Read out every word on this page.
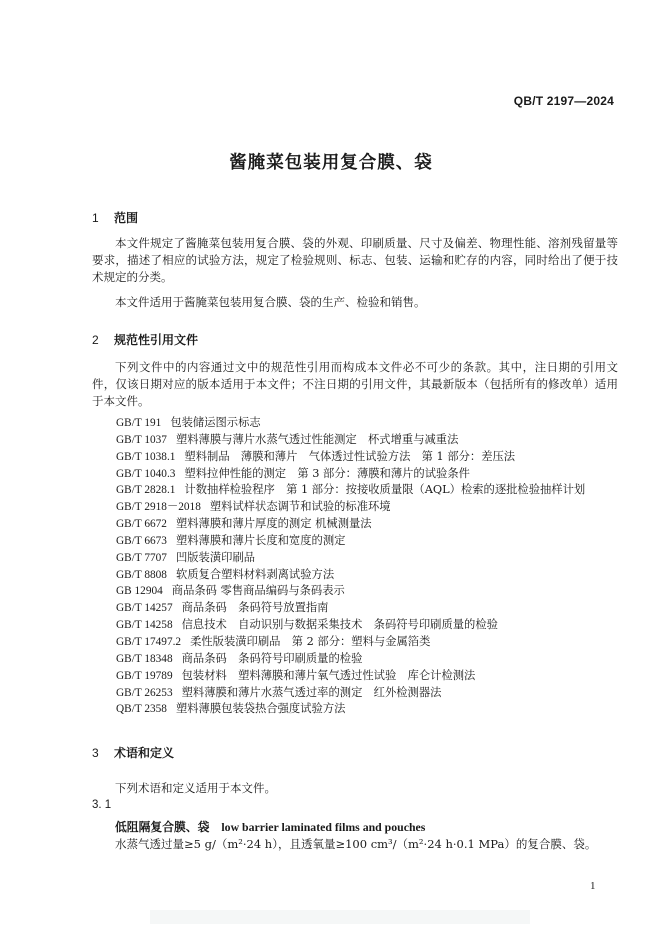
QB/T 2197—2024
酱腌菜包装用复合膜、袋
1 范围

本文件规定了酱腌菜包装用复合膜、袋的外观、印刷质量、尺寸及偏差、物理性能、溶剂残留量等要求，描述了相应的试验方法，规定了检验规则、标志、包装、运输和贮存的内容，同时给出了便于技术规定的分类。

本文件适用于酱腌菜包装用复合膜、袋的生产、检验和销售。

2 规范性引用文件

下列文件中的内容通过文中的规范性引用而构成本文件必不可少的条款。其中，注日期的引用文件，仅该日期对应的版本适用于本文件；不注日期的引用文件，其最新版本（包括所有的修改单）适用于本文件。

GB/T 191 包装储运图示标志
GB/T 1037 塑料薄膜与薄片水蒸气透过性能测定　杯式增重与减重法
GB/T 1038.1 塑料制品　薄膜和薄片　气体透过性试验方法　第 1 部分：差压法
GB/T 1040.3 塑料拉伸性能的测定　第 3 部分：薄膜和薄片的试验条件
GB/T 2828.1 计数抽样检验程序　第 1 部分：按接收质量限（AQL）检索的逐批检验抽样计划
GB/T 2918－2018 塑料试样状态调节和试验的标准环境
GB/T 6672 塑料薄膜和薄片厚度的测定 机械测量法
GB/T 6673 塑料薄膜和薄片长度和宽度的测定
GB/T 7707 凹版装潢印刷品
GB/T 8808 软质复合塑料材料剥离试验方法
GB 12904 商品条码 零售商品编码与条码表示
GB/T 14257 商品条码　条码符号放置指南
GB/T 14258 信息技术　自动识别与数据采集技术　条码符号印刷质量的检验
GB/T 17497.2 柔性版装潢印刷品　第 2 部分：塑料与金属箔类
GB/T 18348 商品条码　条码符号印刷质量的检验
GB/T 19789 包装材料　塑料薄膜和薄片氧气透过性试验　库仑计检测法
GB/T 26253 塑料薄膜和薄片水蒸气透过率的测定　红外检测器法
QB/T 2358 塑料薄膜包装袋热合强度试验方法
3 术语和定义

下列术语和定义适用于本文件。

3. 1
低阻隔复合膜、袋 low barrier laminated films and pouches
水蒸气透过量≥5 g/（m²·24 h），且透氧量≥100 cm³/（m²·24 h·0.1 MPa）的复合膜、袋。
1
